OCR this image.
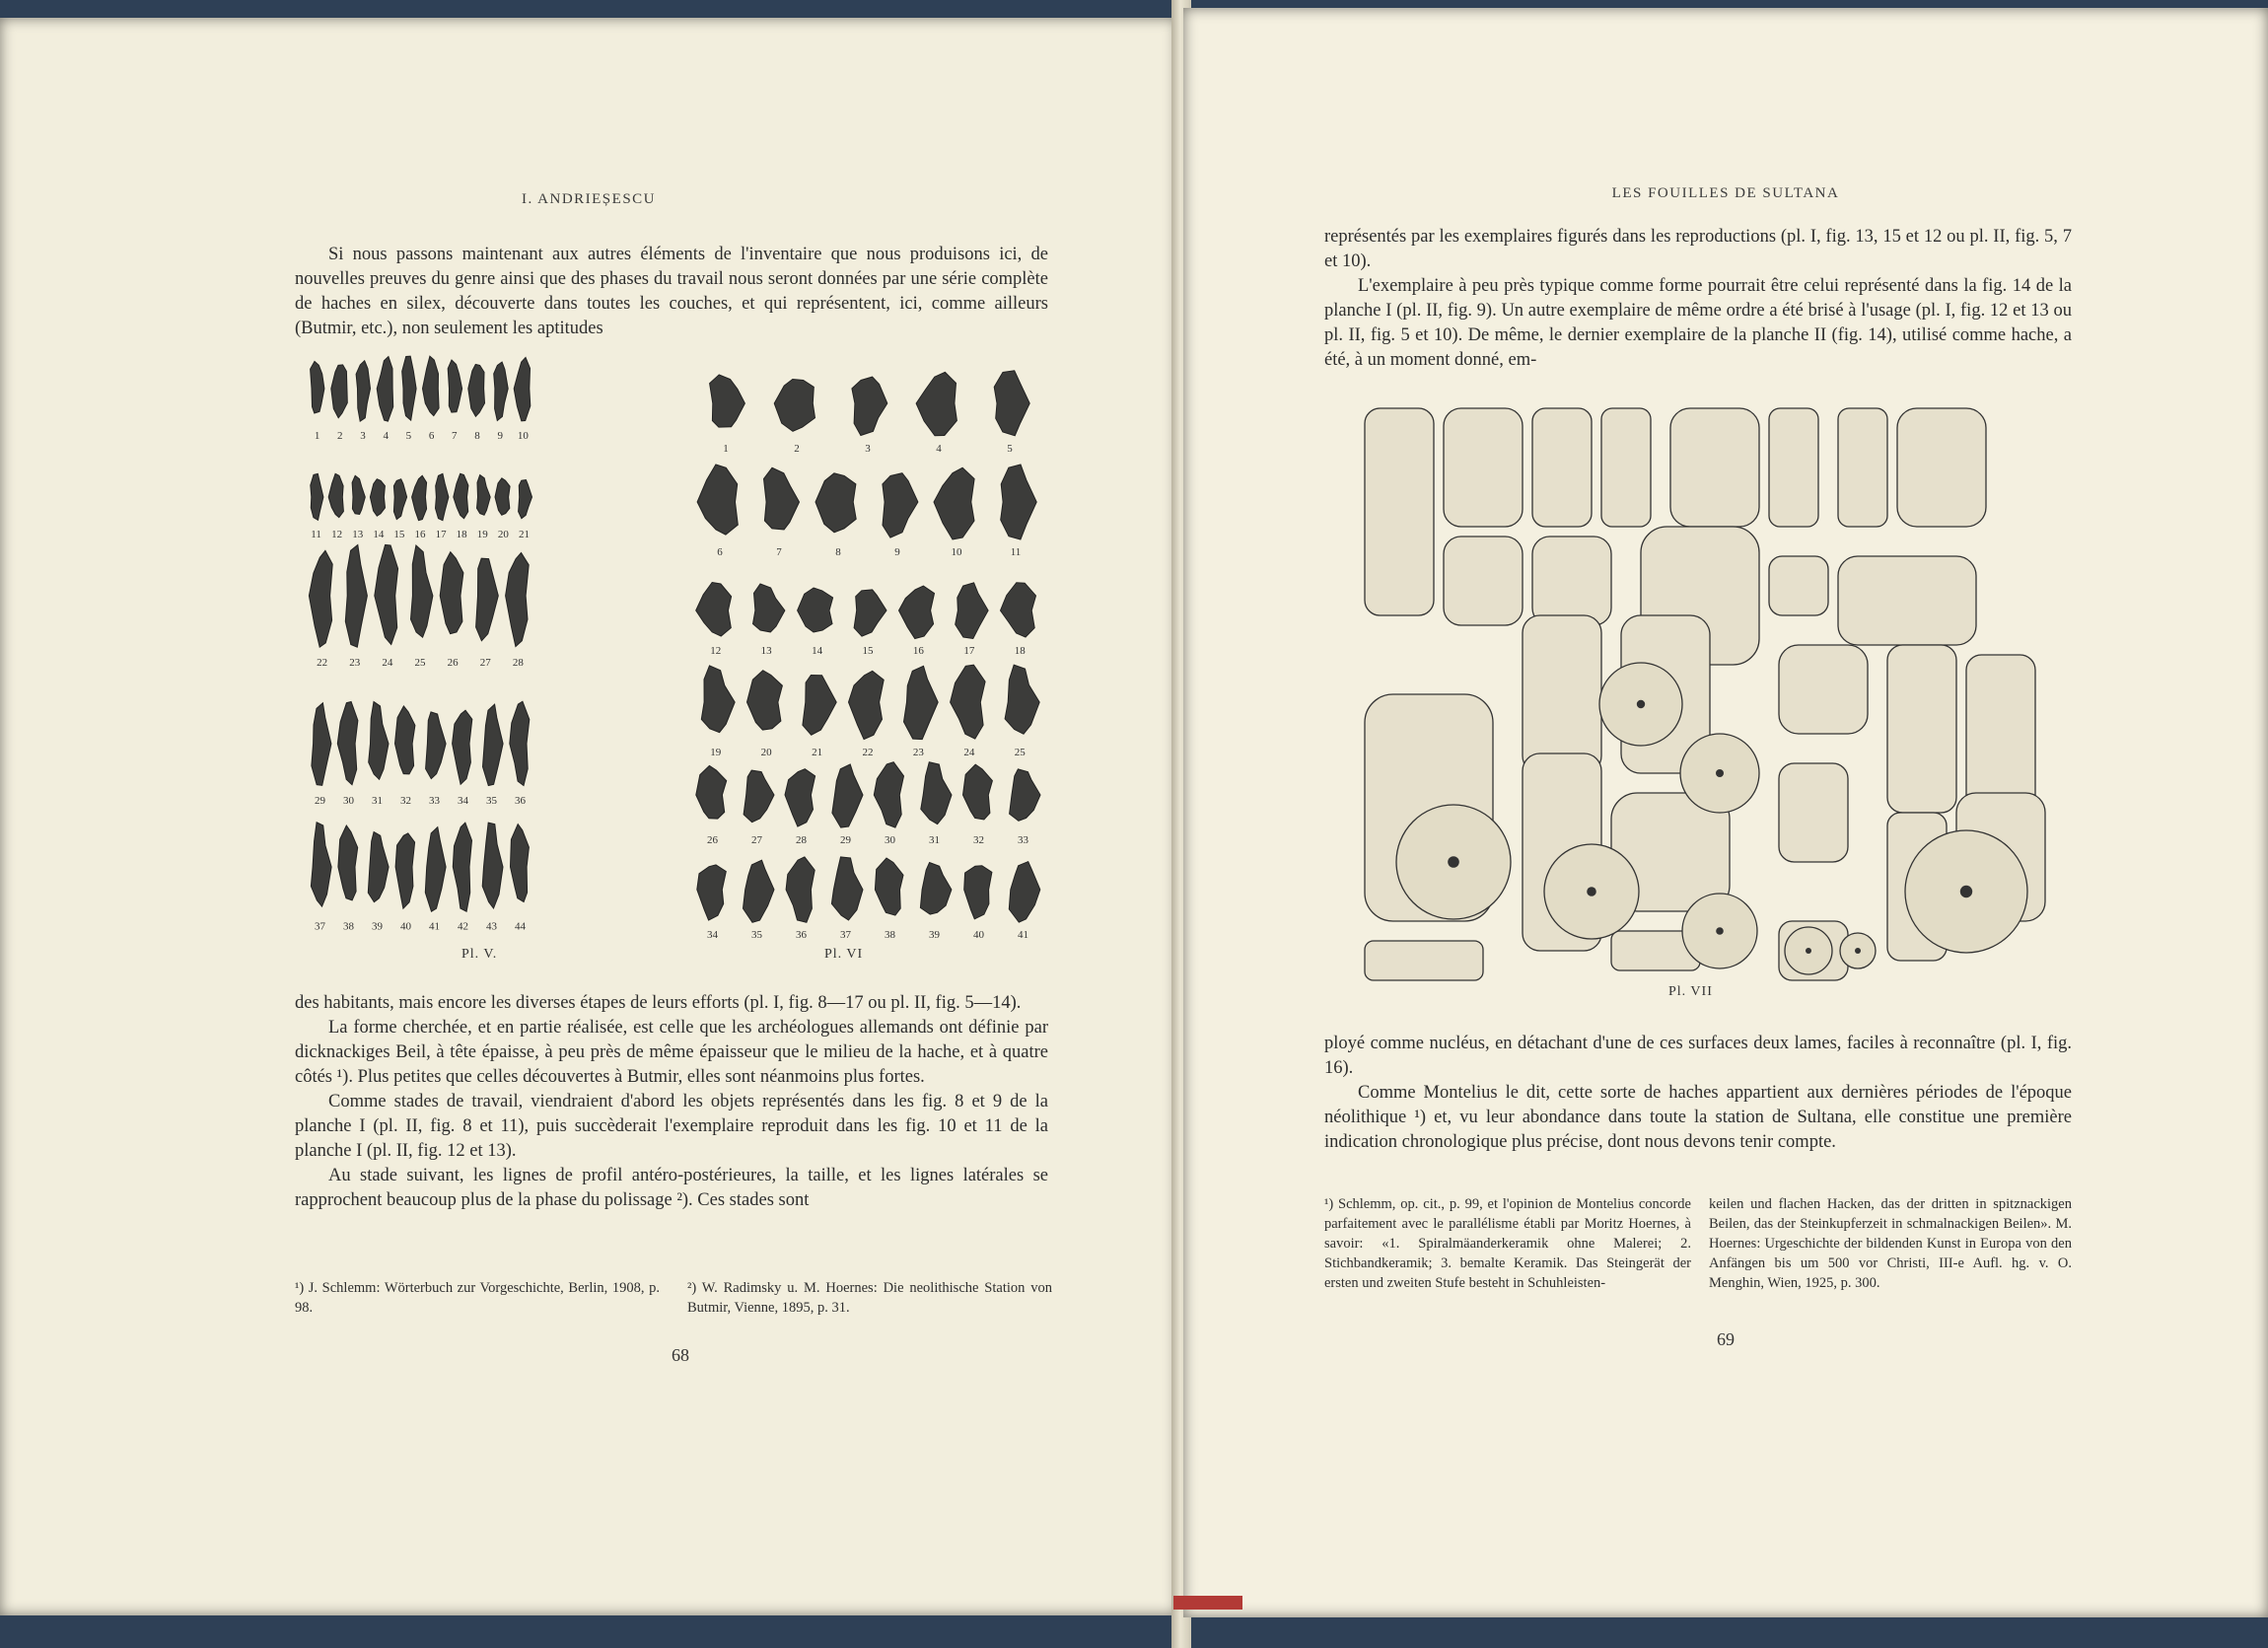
I. ANDRIEȘESCU

Si nous passons maintenant aux autres éléments de l'inventaire que nous produisons ici, de nouvelles preuves du genre ainsi que des phases du travail nous seront données par une série complète de haches en silex, découverte dans toutes les couches, et qui représentent, ici, comme ailleurs (Butmir, etc.), non seulement les aptitudes

1 2 3 4 5 6 7 8 9 10
11 12 13 14 15 16 17 18 19 20 21
22 23 24 25 26 27 28
29 30 31 32 33 34 35 36
37 38 39 40 41 42 43 44
1	2	3	4	5
6	7	8	9	10	11
12	13	14	15	16	17	18
19	20	21	22	23	24	25
26	27	28	29	30	31	32	33
34	35	36	37	38	39	40	41
Pl. V.	Pl. VI

des habitants, mais encore les diverses étapes de leurs efforts (pl. I, fig. 8—17 ou pl. II, fig. 5—14).

La forme cherchée, et en partie réalisée, est celle que les archéologues allemands ont définie par dicknackiges Beil, à tête épaisse, à peu près de même épaisseur que le milieu de la hache, et à quatre côtés ¹). Plus petites que celles découvertes à Butmir, elles sont néanmoins plus fortes.

Comme stades de travail, viendraient d'abord les objets représentés dans les fig. 8 et 9 de la planche I (pl. II, fig. 8 et 11), puis succèderait l'exemplaire reproduit dans les fig. 10 et 11 de la planche I (pl. II, fig. 12 et 13).

Au stade suivant, les lignes de profil antéro-postérieures, la taille, et les lignes latérales se rapprochent beaucoup plus de la phase du polissage ²). Ces stades sont

¹) J. Schlemm: Wörterbuch zur Vorgeschichte, Berlin, 1908, p. 98.
²) W. Radimsky u. M. Hoernes: Die neolithische Station von Butmir, Vienne, 1895, p. 31.
68
LES FOUILLES DE SULTANA

représentés par les exemplaires figurés dans les reproductions (pl. I, fig. 13, 15 et 12 ou pl. II, fig. 5, 7 et 10).

L'exemplaire à peu près typique comme forme pourrait être celui représenté dans la fig. 14 de la planche I (pl. II, fig. 9). Un autre exemplaire de même ordre a été brisé à l'usage (pl. I, fig. 12 et 13 ou pl. II, fig. 5 et 10). De même, le dernier exemplaire de la planche II (fig. 14), utilisé comme hache, a été, à un moment donné, em-

Pl. VII

ployé comme nucléus, en détachant d'une de ces surfaces deux lames, faciles à reconnaître (pl. I, fig. 16).

Comme Montelius le dit, cette sorte de haches appartient aux dernières périodes de l'époque néolithique ¹) et, vu leur abondance dans toute la station de Sultana, elle constitue une première indication chronologique plus précise, dont nous devons tenir compte.

¹) Schlemm, op. cit., p. 99, et l'opinion de Montelius concorde parfaitement avec le parallélisme établi par Moritz Hoernes, à savoir: «1. Spiralmäanderkeramik ohne Malerei; 2. Stichbandkeramik; 3. bemalte Keramik. Das Steingerät der ersten und zweiten Stufe besteht in Schuhleisten-
keilen und flachen Hacken, das der dritten in spitznackigen Beilen, das der Steinkupferzeit in schmalnackigen Beilen». M. Hoernes: Urgeschichte der bildenden Kunst in Europa von den Anfängen bis um 500 vor Christi, III-e Aufl. hg. v. O. Menghin, Wien, 1925, p. 300.
69
